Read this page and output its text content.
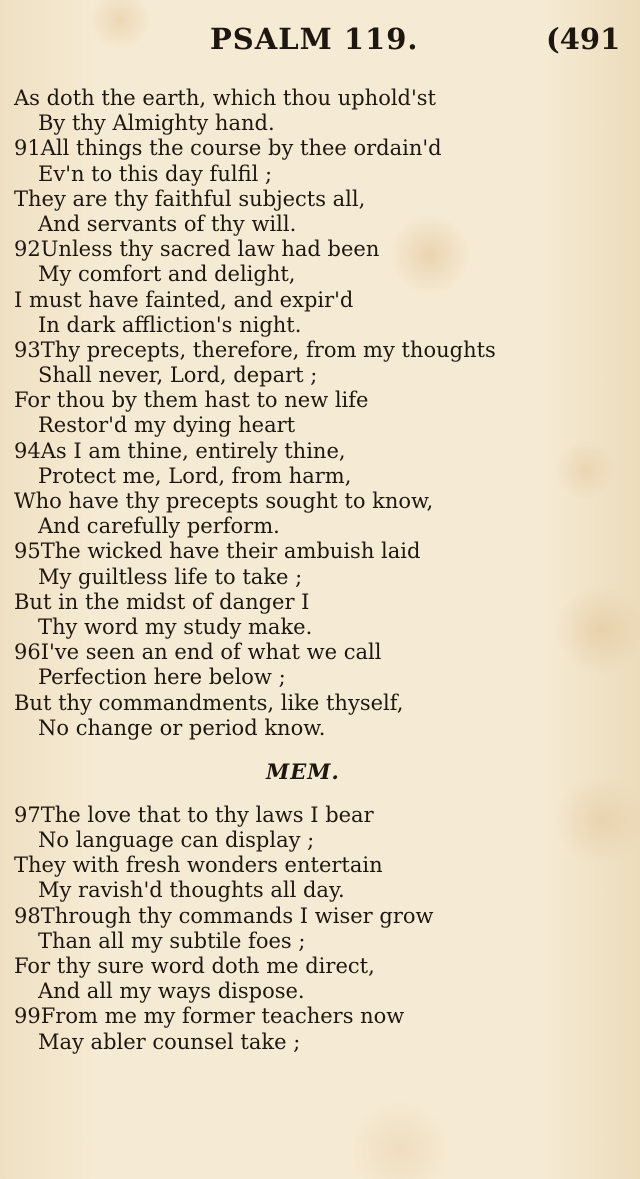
PSALM 119.	(491
As doth the earth, which thou uphold'st
By thy Almighty hand.
91All things the course by thee ordain'd
Ev'n to this day fulfil ;
They are thy faithful subjects all,
And servants of thy will.
92Unless thy sacred law had been
My comfort and delight,
I must have fainted, and expir'd
In dark affliction's night.
93Thy precepts, therefore, from my thoughts
Shall never, Lord, depart ;
For thou by them hast to new life
Restor'd my dying heart
94As I am thine, entirely thine,
Protect me, Lord, from harm,
Who have thy precepts sought to know,
And carefully perform.
95The wicked have their ambuish laid
My guiltless life to take ;
But in the midst of danger I
Thy word my study make.
96I've seen an end of what we call
Perfection here below ;
But thy commandments, like thyself,
No change or period know.
MEM.
97The love that to thy laws I bear
No language can display ;
They with fresh wonders entertain
My ravish'd thoughts all day.
98Through thy commands I wiser grow
Than all my subtile foes ;
For thy sure word doth me direct,
And all my ways dispose.
99From me my former teachers now
May abler counsel take ;
